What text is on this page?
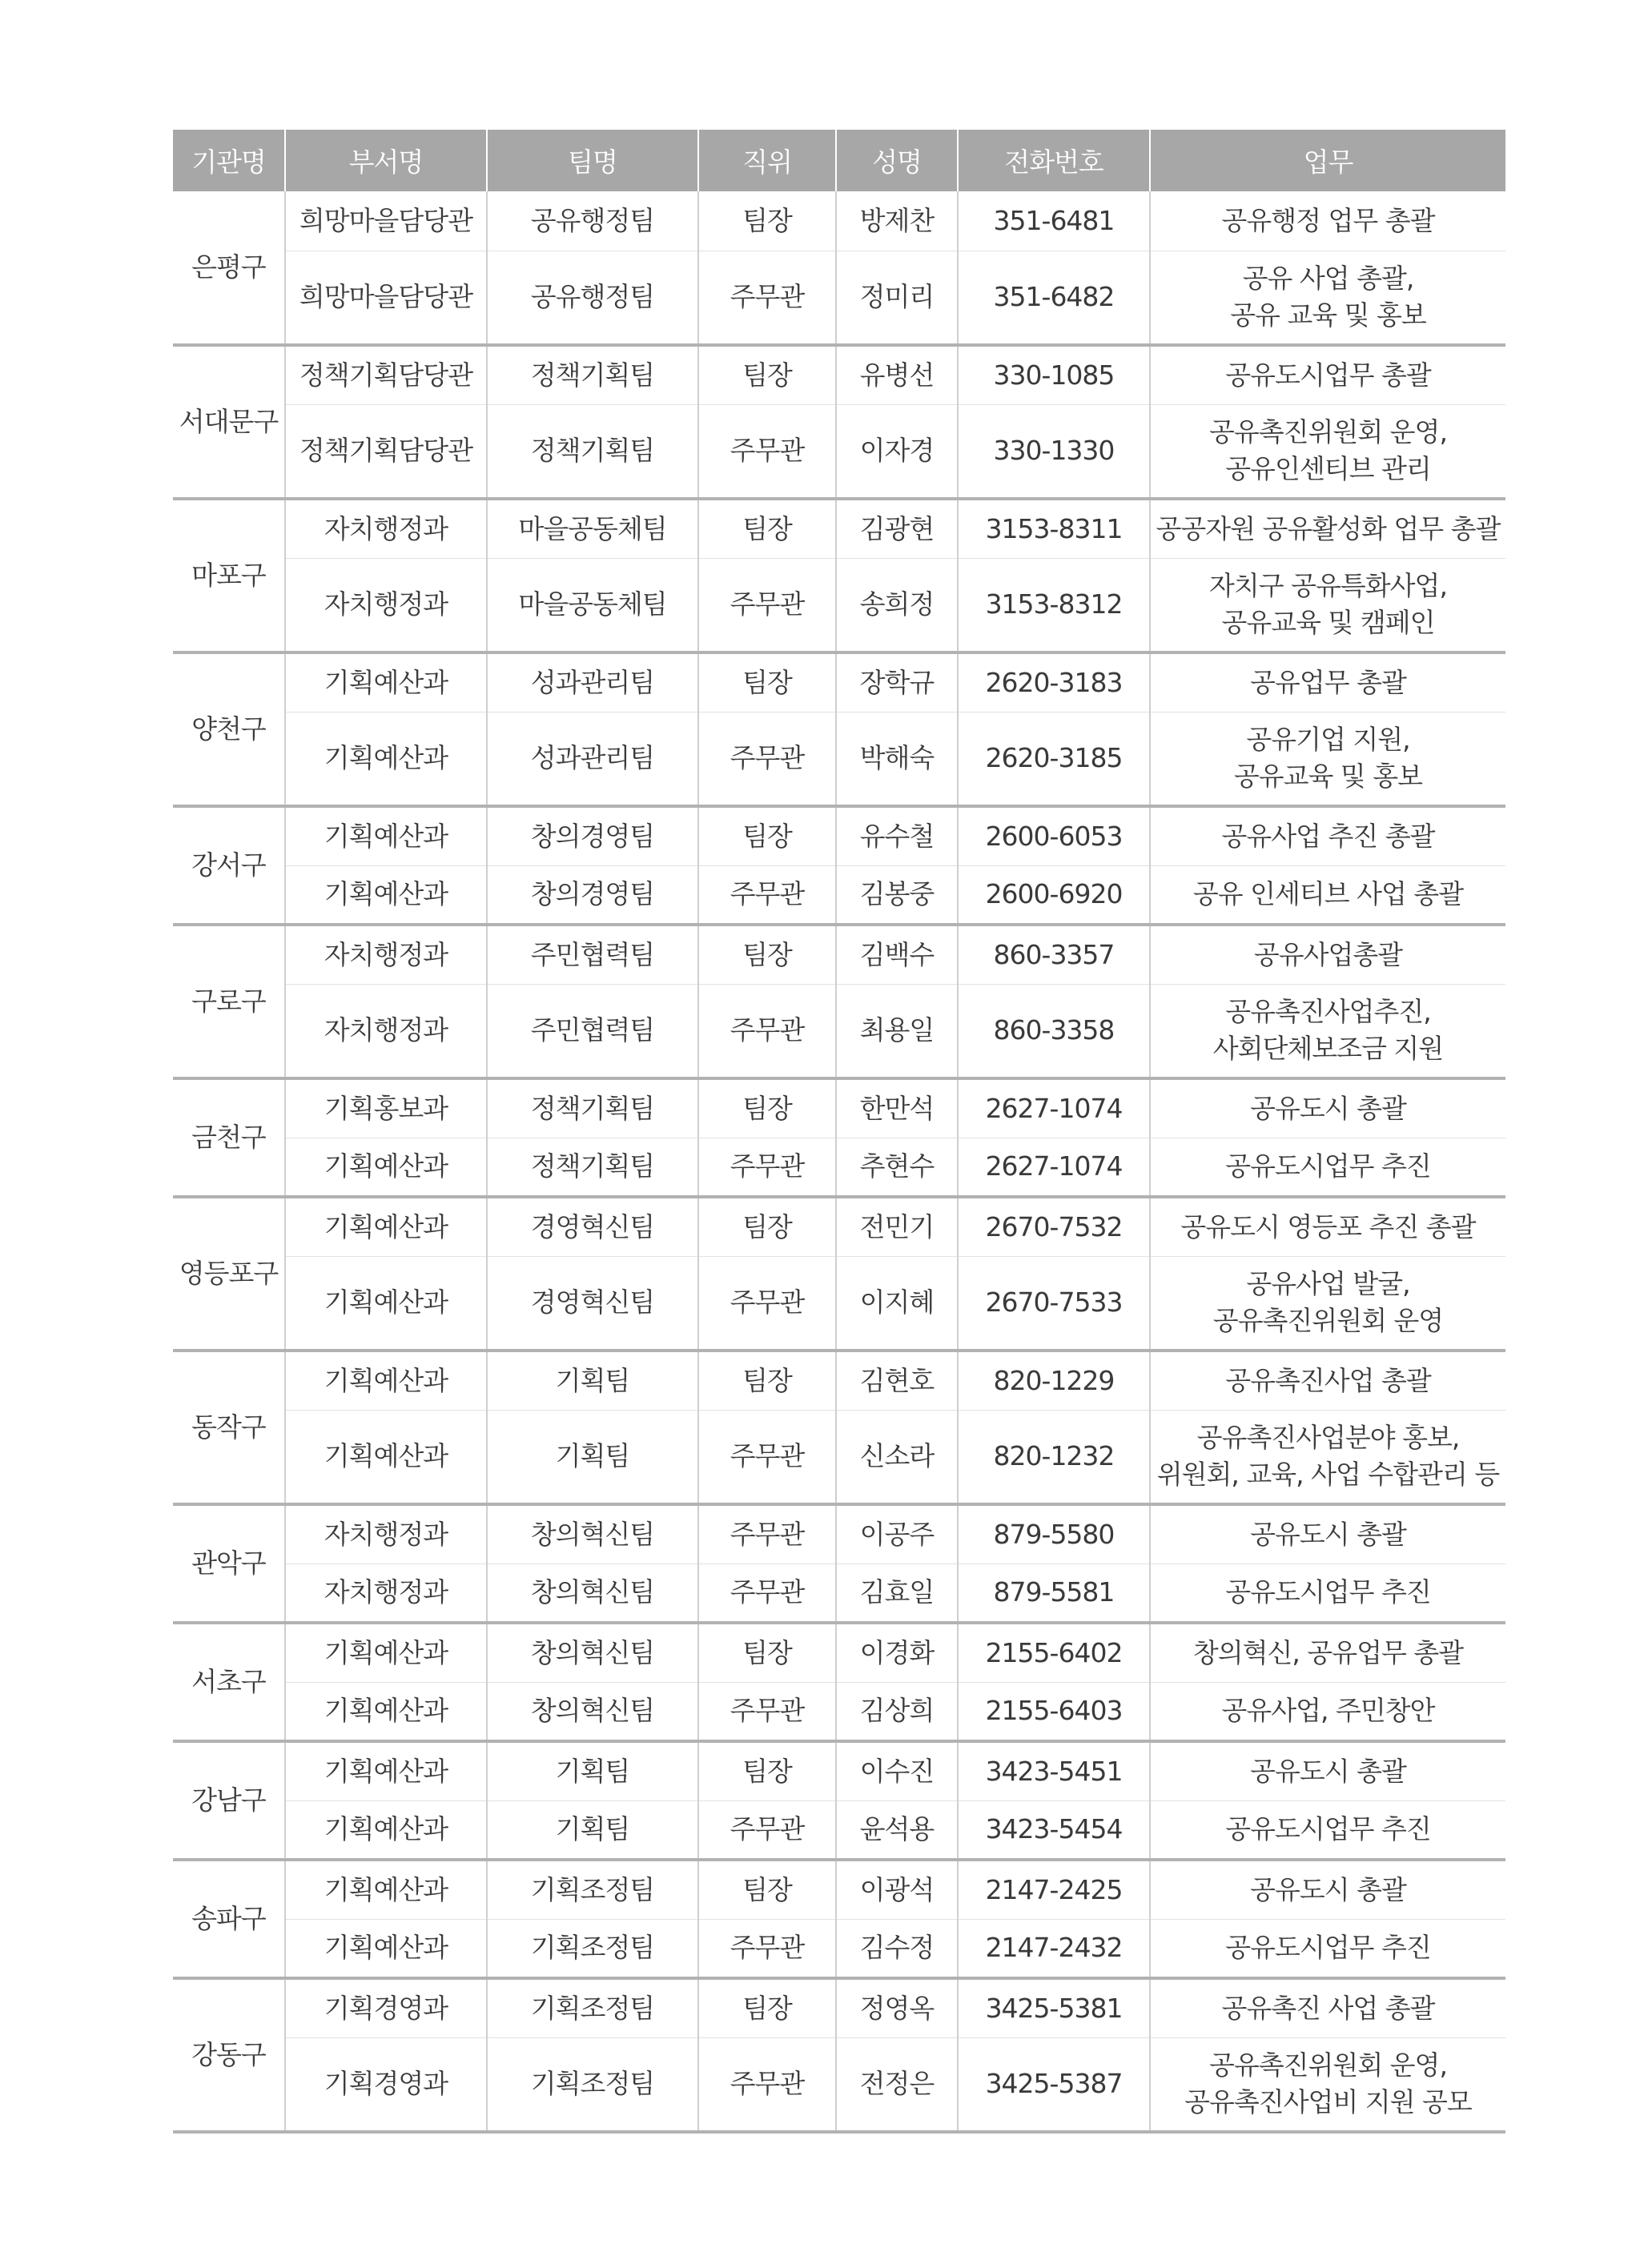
기관명	부서명	팀명	직위	성명	전화번호	업무
은평구	희망마을담당관	공유행정팀	팀장	방제찬	351-6481	공유행정 업무 총괄

	희망마을담당관	공유행정팀	주무관	정미리	351-6482	공유 사업 총괄,
공유 교육 및 홍보

서대문구	정책기획담당관	정책기획팀	팀장	유병선	330-1085	공유도시업무 총괄

	정책기획담당관	정책기획팀	주무관	이자경	330-1330	공유촉진위원회 운영,
공유인센티브 관리

마포구	자치행정과	마을공동체팀	팀장	김광현	3153-8311	공공자원 공유활성화 업무 총괄

	자치행정과	마을공동체팀	주무관	송희정	3153-8312	자치구 공유특화사업,
공유교육 및 캠페인

양천구	기획예산과	성과관리팀	팀장	장학규	2620-3183	공유업무 총괄

	기획예산과	성과관리팀	주무관	박해숙	2620-3185	공유기업 지원,
공유교육 및 홍보

강서구	기획예산과	창의경영팀	팀장	유수철	2600-6053	공유사업 추진 총괄

	기획예산과	창의경영팀	주무관	김봉중	2600-6920	공유 인세티브 사업 총괄

구로구	자치행정과	주민협력팀	팀장	김백수	860-3357	공유사업총괄

	자치행정과	주민협력팀	주무관	최용일	860-3358	공유촉진사업추진,
사회단체보조금 지원

금천구	기획홍보과	정책기획팀	팀장	한만석	2627-1074	공유도시 총괄

	기획예산과	정책기획팀	주무관	추현수	2627-1074	공유도시업무 추진

영등포구	기획예산과	경영혁신팀	팀장	전민기	2670-7532	공유도시 영등포 추진 총괄

	기획예산과	경영혁신팀	주무관	이지혜	2670-7533	공유사업 발굴,
공유촉진위원회 운영

동작구	기획예산과	기획팀	팀장	김현호	820-1229	공유촉진사업 총괄

	기획예산과	기획팀	주무관	신소라	820-1232	공유촉진사업분야 홍보,
위원회, 교육, 사업 수합관리 등

관악구	자치행정과	창의혁신팀	주무관	이공주	879-5580	공유도시 총괄

	자치행정과	창의혁신팀	주무관	김효일	879-5581	공유도시업무 추진

서초구	기획예산과	창의혁신팀	팀장	이경화	2155-6402	창의혁신, 공유업무 총괄

	기획예산과	창의혁신팀	주무관	김상희	2155-6403	공유사업, 주민창안

강남구	기획예산과	기획팀	팀장	이수진	3423-5451	공유도시 총괄

	기획예산과	기획팀	주무관	윤석용	3423-5454	공유도시업무 추진

송파구	기획예산과	기획조정팀	팀장	이광석	2147-2425	공유도시 총괄

	기획예산과	기획조정팀	주무관	김수정	2147-2432	공유도시업무 추진

강동구	기획경영과	기획조정팀	팀장	정영옥	3425-5381	공유촉진 사업 총괄

	기획경영과	기획조정팀	주무관	전정은	3425-5387	공유촉진위원회 운영,
공유촉진사업비 지원 공모
